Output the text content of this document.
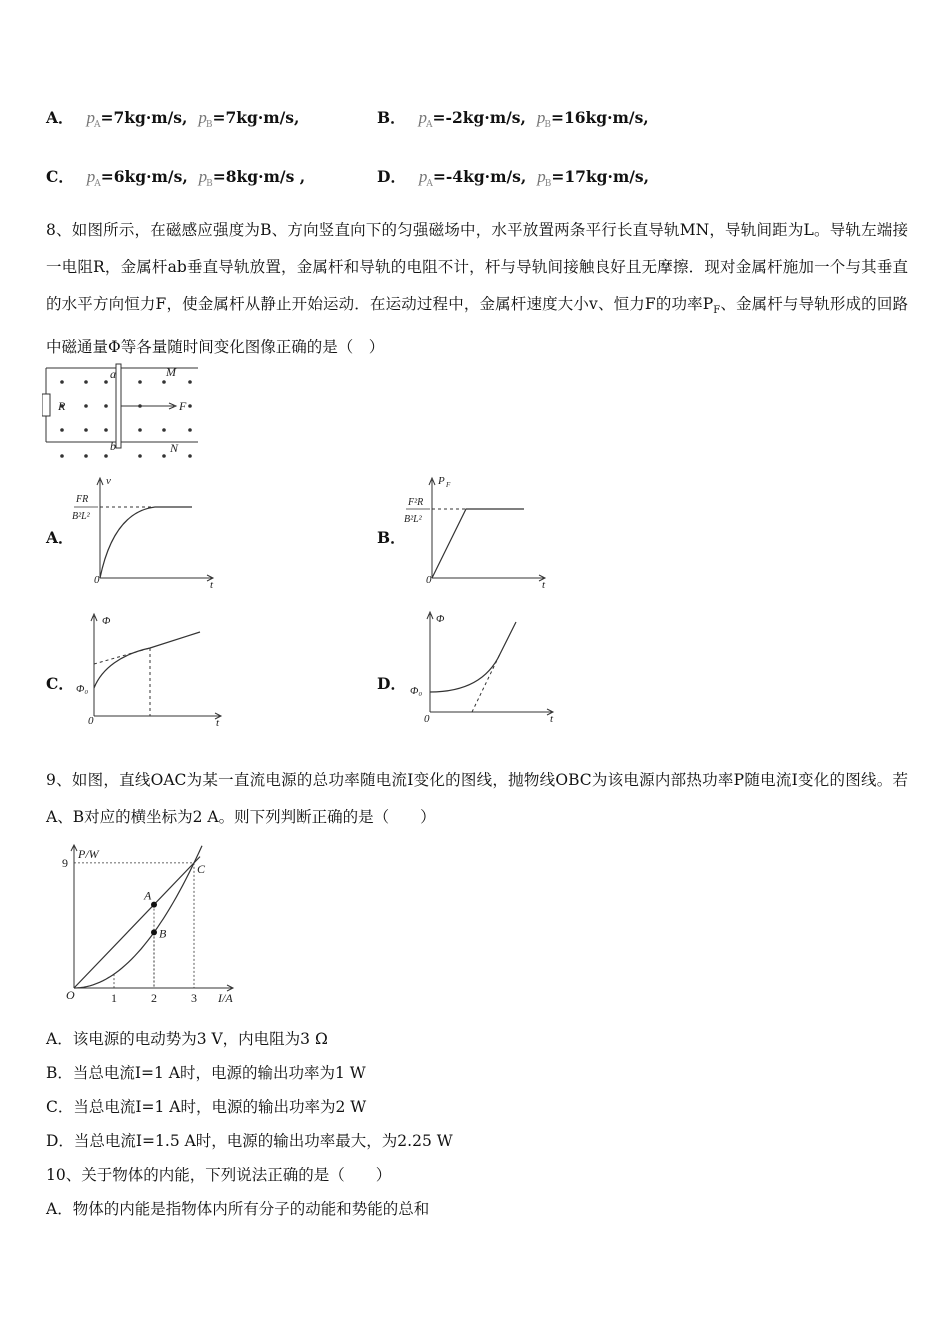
A． $p_A=7kg\cdot m/s$, $p_B=7kg\cdot m/s$,	B． $p_A=-2kg\cdot m/s$, $p_B=16kg\cdot m/s$,
C． $p_A=6kg\cdot m/s$, $p_B=8kg\cdot m/s$ ,	D． $p_A=-4kg\cdot m/s$, $p_B=17kg\cdot m/s$,
8、如图所示，在磁感应强度为B、方向竖直向下的匀强磁场中，水平放置两条平行长直导轨MN，导轨间距为L。导轨左端接一电阻R，金属杆ab垂直导轨放置，金属杆和导轨的电阻不计，杆与导轨间接触良好且无摩擦．现对金属杆施加一个与其垂直的水平方向恒力F，使金属杆从静止开始运动．在运动过程中，金属杆速度大小v、恒力F的功率$P_F$、金属杆与导轨形成的回路中磁通量Φ等各量随时间变化图像正确的是（　）
a
b
M
N
R	F
A．
v
t
0
FR
B²L²
B．
P F
t
0
F²R
B²L²
C．
Φ
t
0
Φ₀	D．
Φ
t
0
Φ₀
9、如图，直线OAC为某一直流电源的总功率随电流I变化的图线，抛物线OBC为该电源内部热功率P随电流I变化的图线。若A、B对应的横坐标为2 A。则下列判断正确的是（　　）
P/W
I/A
O	1	2	3
9
A
B
C
A．该电源的电动势为3 V，内电阻为3 Ω
B．当总电流I=1 A时，电源的输出功率为1 W
C．当总电流I=1 A时，电源的输出功率为2 W
D．当总电流I=1.5 A时，电源的输出功率最大，为2.25 W
10、关于物体的内能，下列说法正确的是（　　）
A．物体的内能是指物体内所有分子的动能和势能的总和
